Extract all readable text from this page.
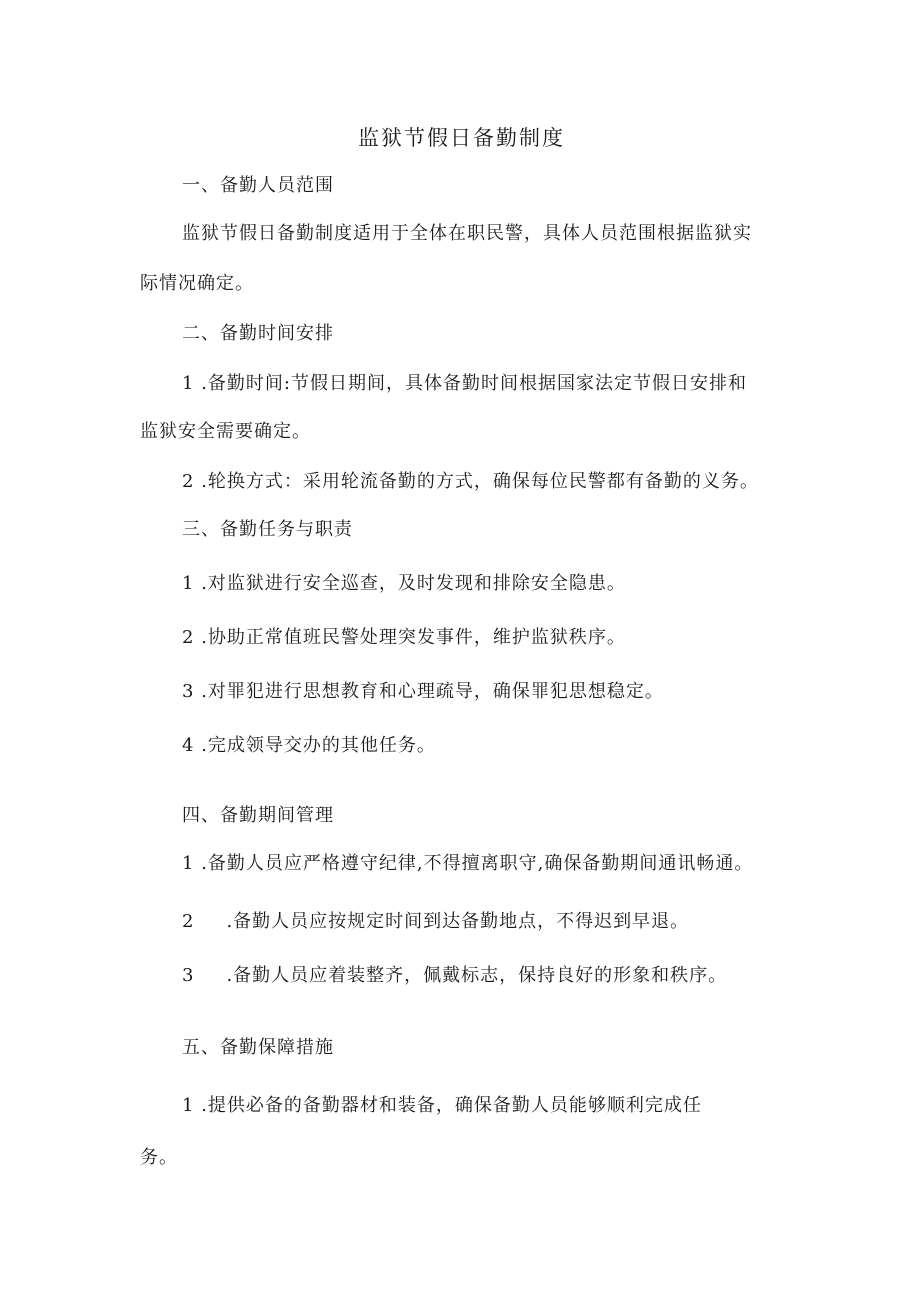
监狱节假日备勤制度
一、备勤人员范围
监狱节假日备勤制度适用于全体在职民警，具体人员范围根据监狱实
际情况确定。
二、备勤时间安排
1 .备勤时间:节假日期间，具体备勤时间根据国家法定节假日安排和
监狱安全需要确定。
2 .轮换方式：采用轮流备勤的方式，确保每位民警都有备勤的义务。
三、备勤任务与职责
1 .对监狱进行安全巡查，及时发现和排除安全隐患。
2 .协助正常值班民警处理突发事件，维护监狱秩序。
3 .对罪犯进行思想教育和心理疏导，确保罪犯思想稳定。
4 .完成领导交办的其他任务。
四、备勤期间管理
1 .备勤人员应严格遵守纪律,不得擅离职守,确保备勤期间通讯畅通。
2 .备勤人员应按规定时间到达备勤地点，不得迟到早退。
3 .备勤人员应着装整齐，佩戴标志，保持良好的形象和秩序。
五、备勤保障措施
1 .提供必备的备勤器材和装备，确保备勤人员能够顺利完成任
务。
